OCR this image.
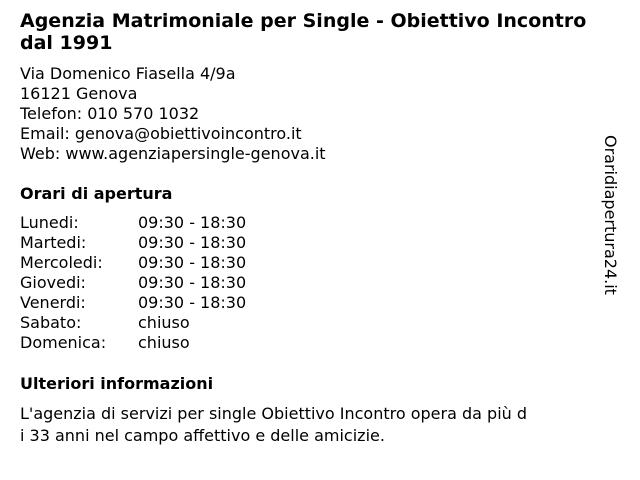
Agenzia Matrimoniale per Single - Obiettivo Incontro dal 1991
Via Domenico Fiasella 4/9a
16121 Genova
Telefon: 010 570 1032
Email: genova@obiettivoincontro.it
Web: www.agenziapersingle-genova.it
Orari di apertura
Lunedi:	09:30 - 18:30
Martedi:	09:30 - 18:30
Mercoledi:	09:30 - 18:30
Giovedi:	09:30 - 18:30
Venerdi:	09:30 - 18:30
Sabato:	chiuso
Domenica:	chiuso
Ulteriori informazioni
L'agenzia di servizi per single Obiettivo Incontro opera da più d
i 33 anni nel campo affettivo e delle amicizie.
Oraridiapertura24.it
